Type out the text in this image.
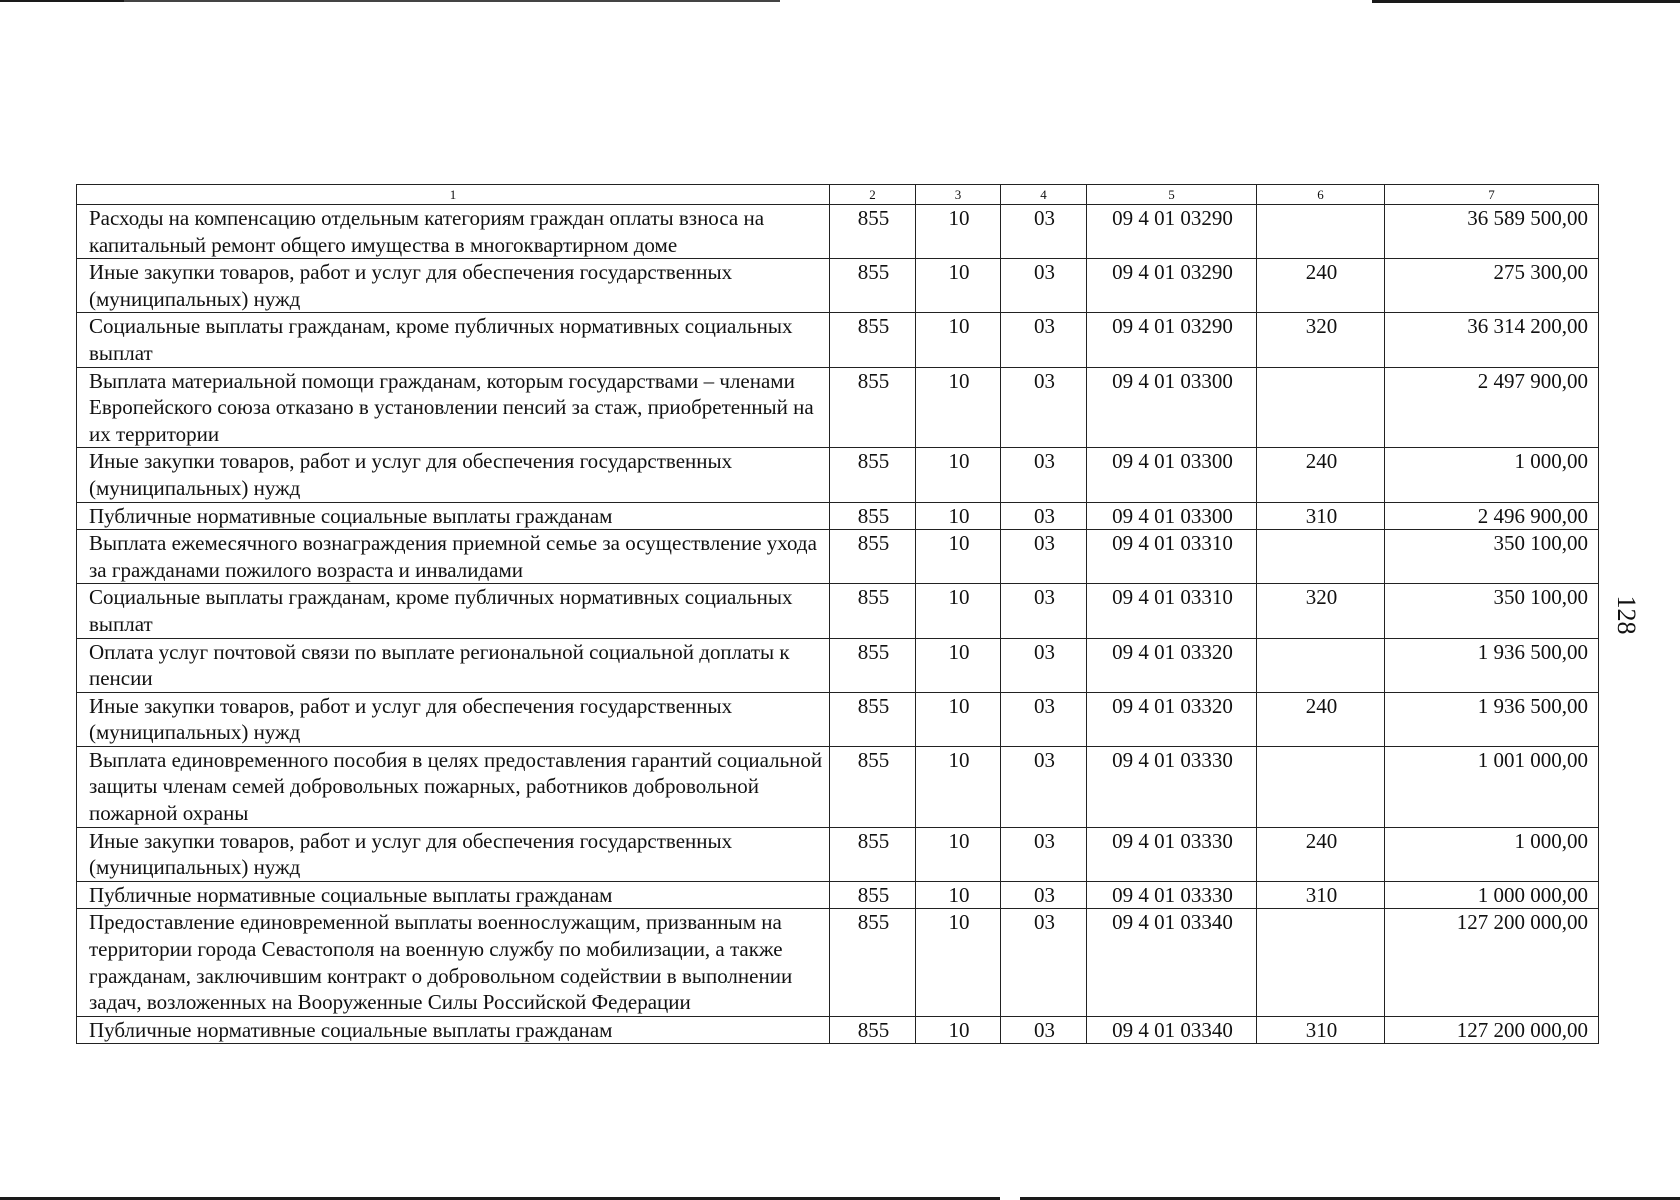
1	2	3	4	5	6	7
Расходы на компенсацию отдельным категориям граждан оплаты взноса на капитальный ремонт общего имущества в многоквартирном доме	855	10	03	09 4 01 03290		36 589 500,00
Иные закупки товаров, работ и услуг для обеспечения государственных (муниципальных) нужд	855	10	03	09 4 01 03290	240	275 300,00
Социальные выплаты гражданам, кроме публичных нормативных социальных выплат	855	10	03	09 4 01 03290	320	36 314 200,00
Выплата материальной помощи гражданам, которым государствами – членами Европейского союза отказано в установлении пенсий за стаж, приобретенный на их территории	855	10	03	09 4 01 03300		2 497 900,00
Иные закупки товаров, работ и услуг для обеспечения государственных (муниципальных) нужд	855	10	03	09 4 01 03300	240	1 000,00
Публичные нормативные социальные выплаты гражданам	855	10	03	09 4 01 03300	310	2 496 900,00
Выплата ежемесячного вознаграждения приемной семье за осуществление ухода за гражданами пожилого возраста и инвалидами	855	10	03	09 4 01 03310		350 100,00
Социальные выплаты гражданам, кроме публичных нормативных социальных выплат	855	10	03	09 4 01 03310	320	350 100,00
Оплата услуг почтовой связи по выплате региональной социальной доплаты к пенсии	855	10	03	09 4 01 03320		1 936 500,00
Иные закупки товаров, работ и услуг для обеспечения государственных (муниципальных) нужд	855	10	03	09 4 01 03320	240	1 936 500,00
Выплата единовременного пособия в целях предоставления гарантий социальной защиты членам семей добровольных пожарных, работников добровольной пожарной охраны	855	10	03	09 4 01 03330		1 001 000,00
Иные закупки товаров, работ и услуг для обеспечения государственных (муниципальных) нужд	855	10	03	09 4 01 03330	240	1 000,00
Публичные нормативные социальные выплаты гражданам	855	10	03	09 4 01 03330	310	1 000 000,00
Предоставление единовременной выплаты военнослужащим, призванным на территории города Севастополя на военную службу по мобилизации, а также гражданам, заключившим контракт о добровольном содействии в выполнении задач, возложенных на Вооруженные Силы Российской Федерации	855	10	03	09 4 01 03340		127 200 000,00
Публичные нормативные социальные выплаты гражданам	855	10	03	09 4 01 03340	310	127 200 000,00
128
